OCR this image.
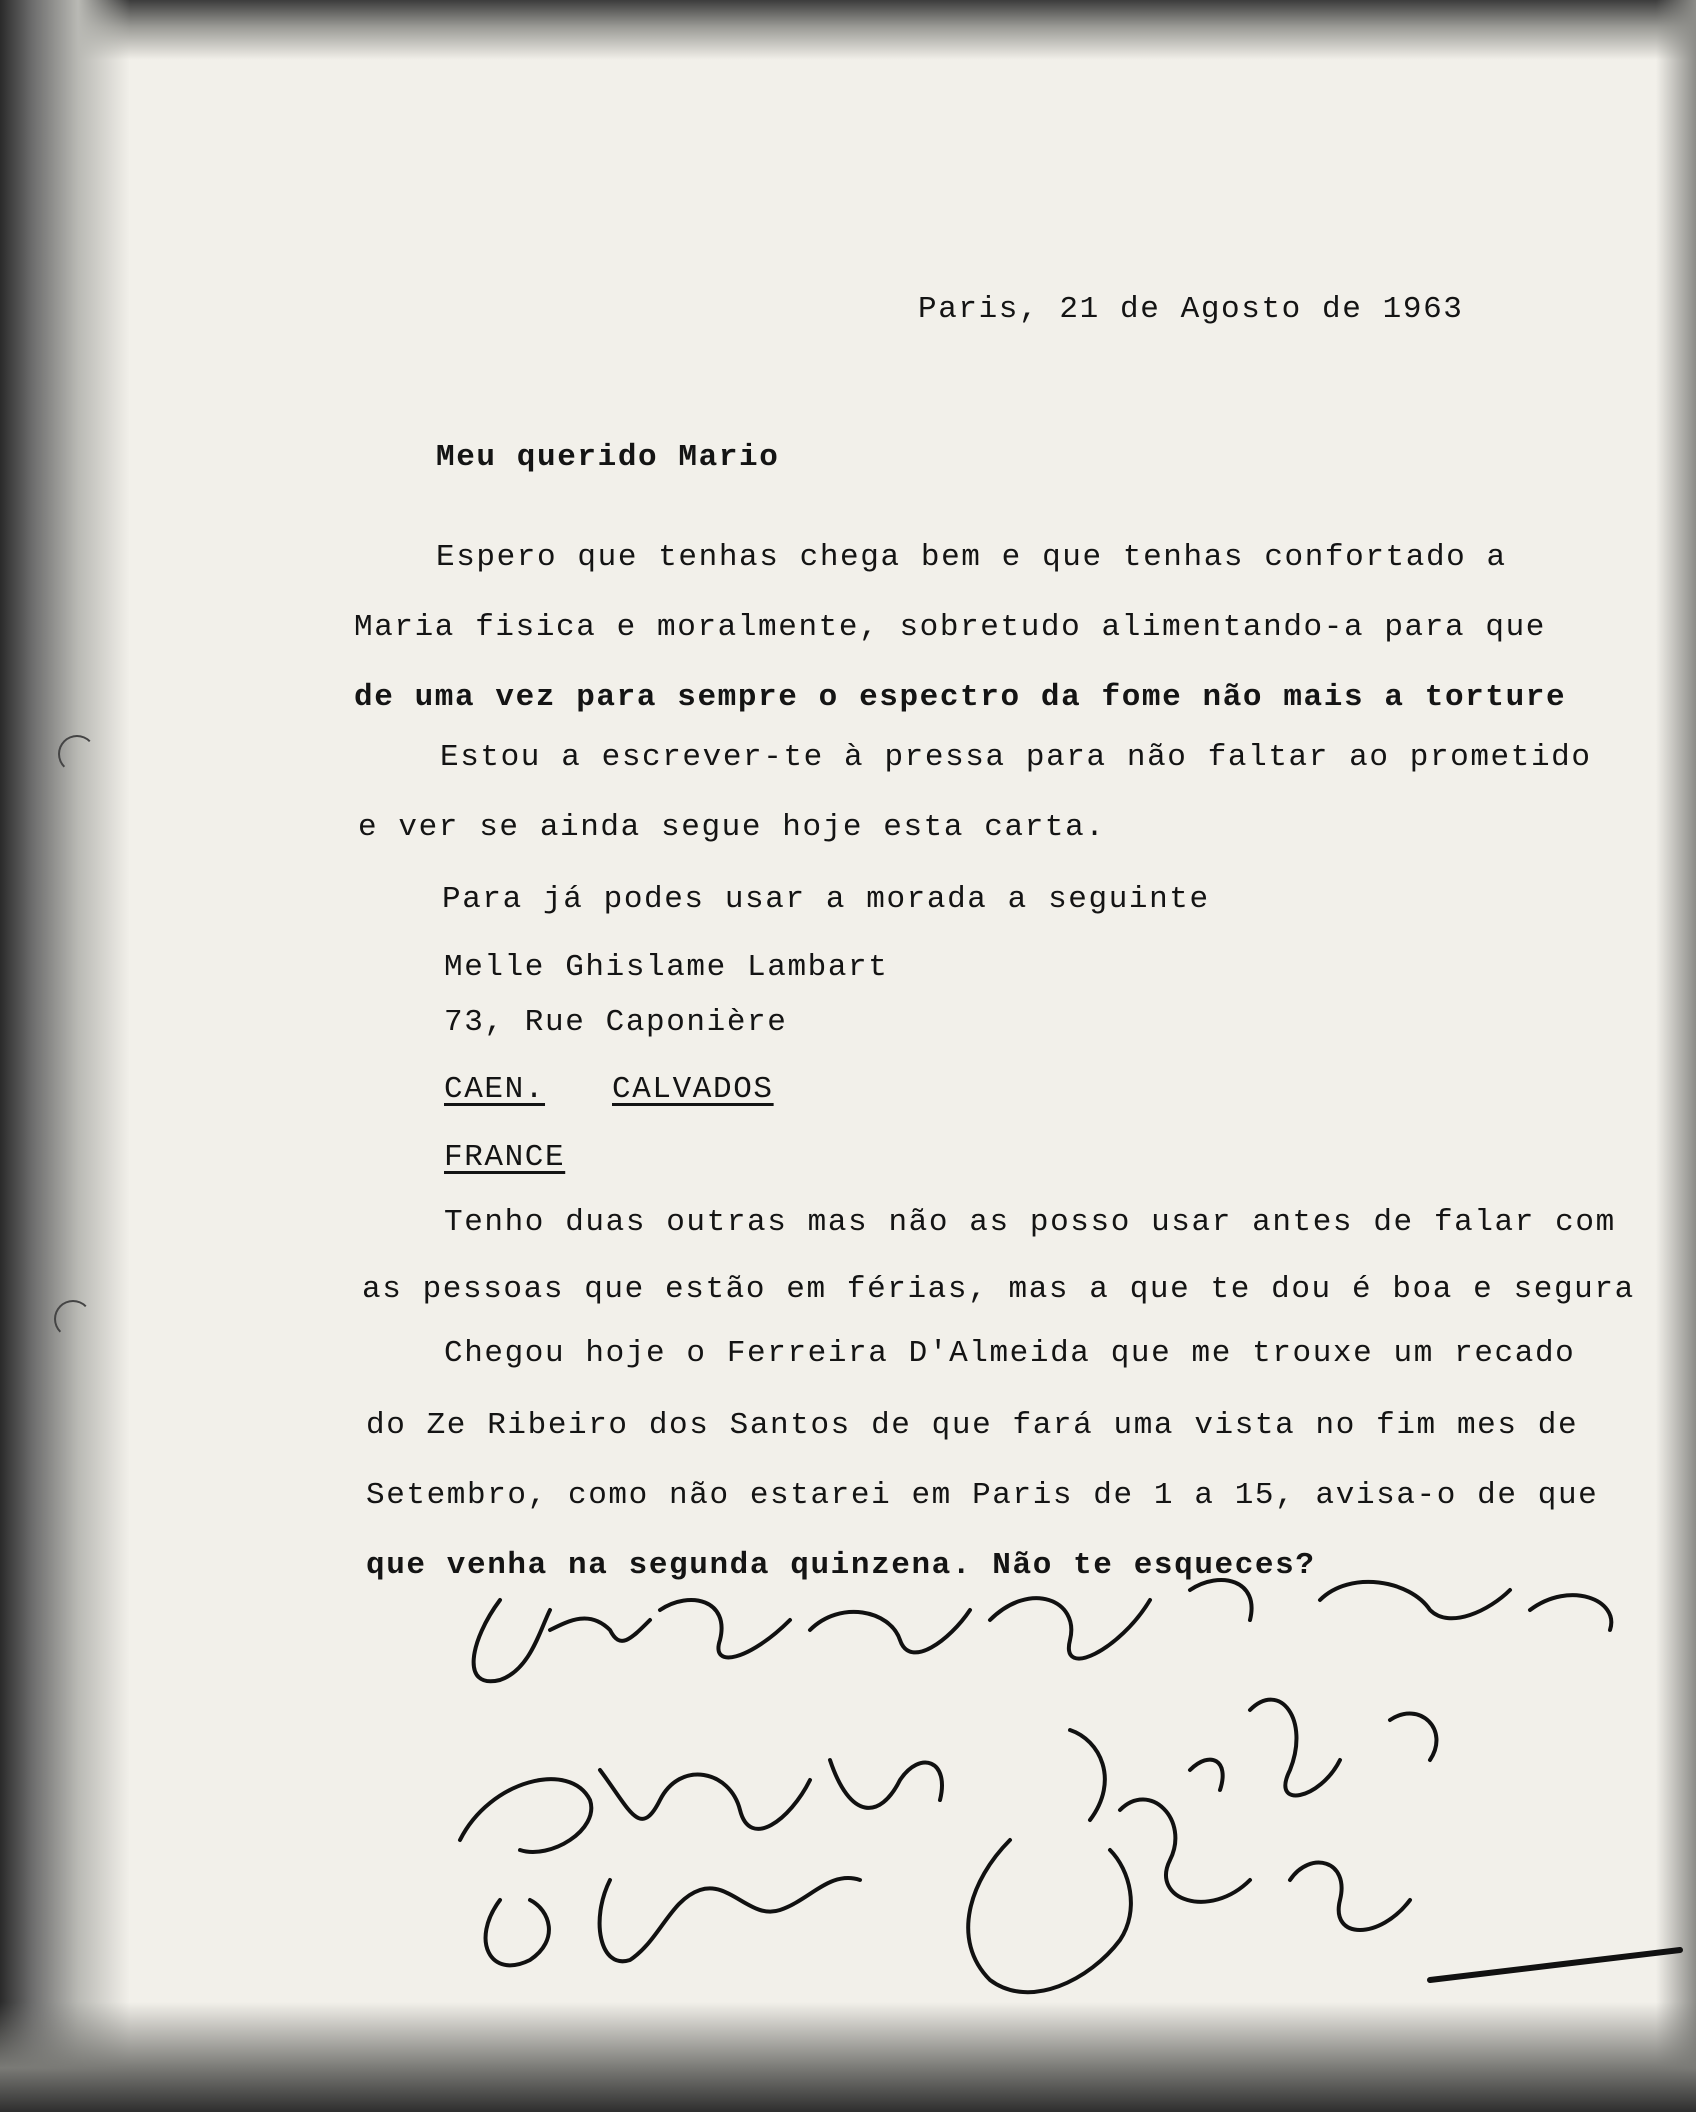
Paris, 21 de Agosto de 1963
Meu querido Mario
Espero que tenhas chega bem e que tenhas confortado a
Maria fisica e moralmente, sobretudo alimentando-a para que
de uma vez para sempre o espectro da fome não mais a torture
Estou a escrever-te à pressa para não faltar ao prometido
e ver se ainda segue hoje esta carta.
Para já podes usar a morada a seguinte
Melle Ghislame Lambart
73, Rue Caponière
CAEN. CALVADOS
FRANCE
Tenho duas outras mas não as posso usar antes de falar com
as pessoas que estão em férias, mas a que te dou é boa e segura
Chegou hoje o Ferreira D'Almeida que me trouxe um recado
do Ze Ribeiro dos Santos de que fará uma vista no fim mes de
Setembro, como não estarei em Paris de 1 a 15, avisa-o de que
que venha na segunda quinzena. Não te esqueces?
